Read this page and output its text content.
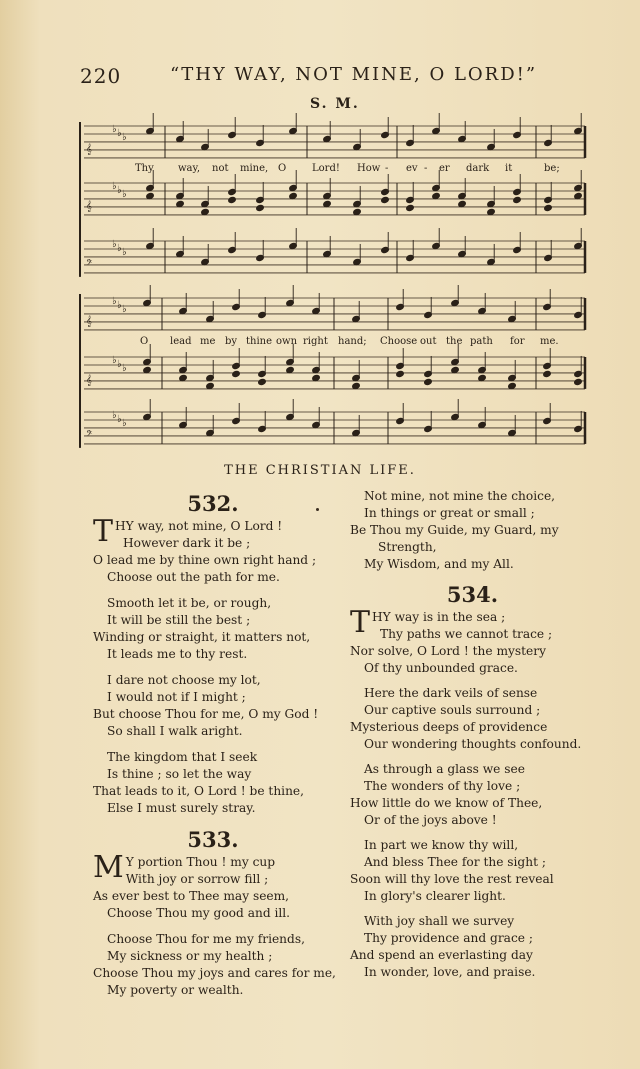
220	“THY WAY, NOT MINE, O LORD!”
S. M.
𝄞
♭ ♭ ♭
𝄞
♭ ♭ ♭
𝄢
♭ ♭ ♭
𝄞
♭ ♭ ♭
𝄞
♭ ♭ ♭
𝄢
♭ ♭ ♭
Thy way, not mine, O	Lord! How - ev - er dark it	be;
O lead me by thine own right hand; Choose out the path for me.
THE CHRISTIAN LIFE.
532.
THY way, not mine, O Lord !
However dark it be ;
O lead me by thine own right hand ;
Choose out the path for me.
Smooth let it be, or rough,
It will be still the best ;
Winding or straight, it matters not,
It leads me to thy rest.
I dare not choose my lot,
I would not if I might ;
But choose Thou for me, O my God !
So shall I walk aright.
The kingdom that I seek
Is thine ; so let the way
That leads to it, O Lord ! be thine,
Else I must surely stray.
533.
M Y portion Thou ! my cup
With joy or sorrow fill ;
As ever best to Thee may seem,
Choose Thou my good and ill.
Choose Thou for me my friends,
My sickness or my health ;
Choose Thou my joys and cares for me,
My poverty or wealth.
Not mine, not mine the choice,
In things or great or small ;
Be Thou my Guide, my Guard, my
Strength,
My Wisdom, and my All.
534.
THY way is in the sea ;
Thy paths we cannot trace ;
Nor solve, O Lord ! the mystery
Of thy unbounded grace.
Here the dark veils of sense
Our captive souls surround ;
Mysterious deeps of providence
Our wondering thoughts confound.
As through a glass we see
The wonders of thy love ;
How little do we know of Thee,
Or of the joys above !
In part we know thy will,
And bless Thee for the sight ;
Soon will thy love the rest reveal
In glory's clearer light.
With joy shall we survey
Thy providence and grace ;
And spend an everlasting day
In wonder, love, and praise.
